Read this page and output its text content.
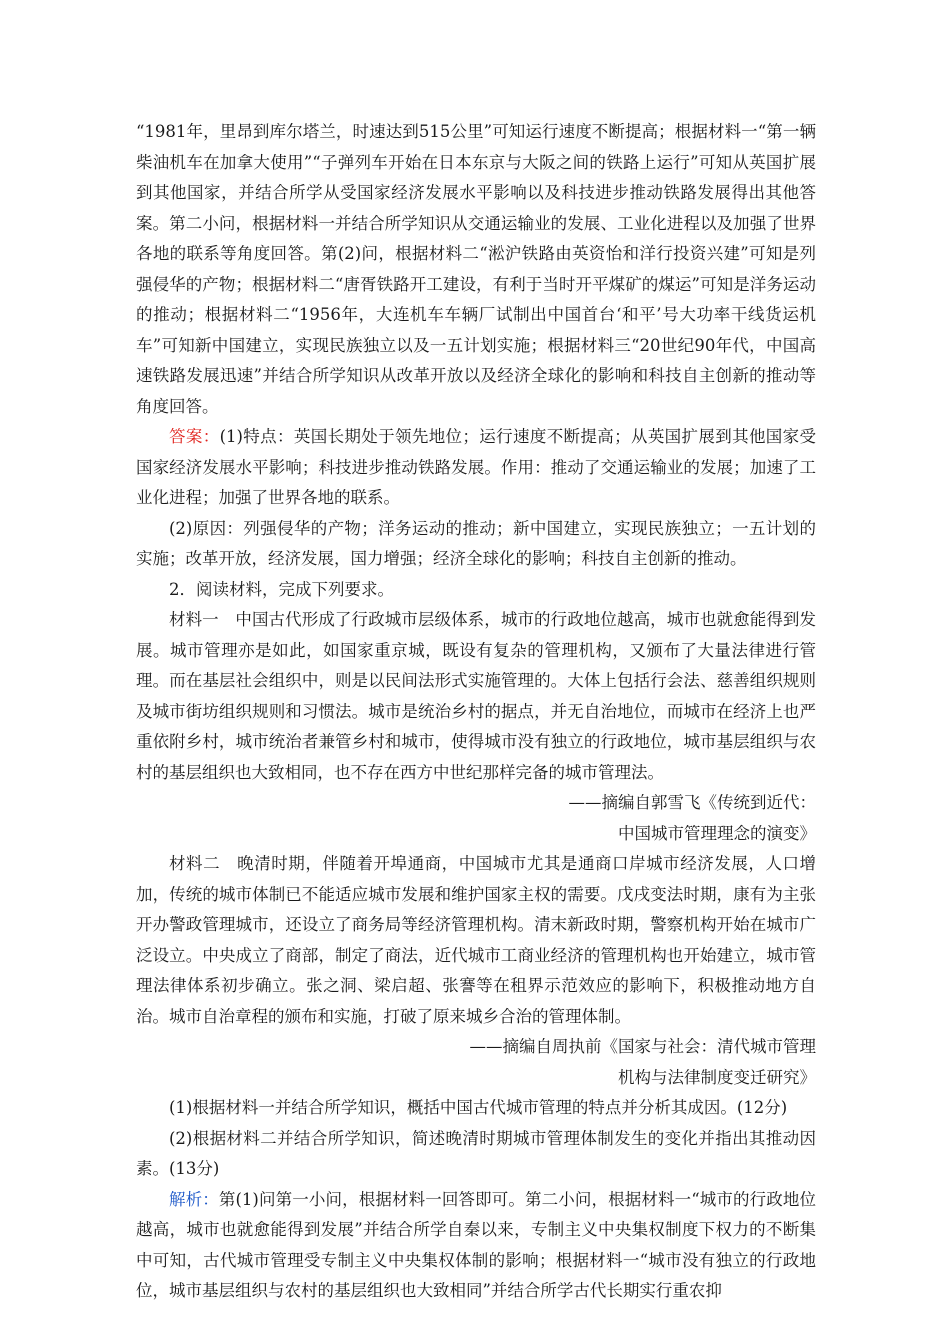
“1981年，里昂到库尔塔兰，时速达到515公里”可知运行速度不断提高；根据材料一“第一辆柴油机车在加拿大使用”“子弹列车开始在日本东京与大阪之间的铁路上运行”可知从英国扩展到其他国家，并结合所学从受国家经济发展水平影响以及科技进步推动铁路发展得出其他答案。第二小问，根据材料一并结合所学知识从交通运输业的发展、工业化进程以及加强了世界各地的联系等角度回答。第(2)问，根据材料二“淞沪铁路由英资怡和洋行投资兴建”可知是列强侵华的产物；根据材料二“唐胥铁路开工建设，有利于当时开平煤矿的煤运”可知是洋务运动的推动；根据材料二“1956年，大连机车车辆厂试制出中国首台‘和平’号大功率干线货运机车”可知新中国建立，实现民族独立以及一五计划实施；根据材料三“20世纪90年代，中国高速铁路发展迅速”并结合所学知识从改革开放以及经济全球化的影响和科技自主创新的推动等角度回答。

答案：(1)特点：英国长期处于领先地位；运行速度不断提高；从英国扩展到其他国家受国家经济发展水平影响；科技进步推动铁路发展。作用：推动了交通运输业的发展；加速了工业化进程；加强了世界各地的联系。

(2)原因：列强侵华的产物；洋务运动的推动；新中国建立，实现民族独立；一五计划的实施；改革开放，经济发展，国力增强；经济全球化的影响；科技自主创新的推动。

2．阅读材料，完成下列要求。

材料一　中国古代形成了行政城市层级体系，城市的行政地位越高，城市也就愈能得到发展。城市管理亦是如此，如国家重京城，既设有复杂的管理机构，又颁布了大量法律进行管理。而在基层社会组织中，则是以民间法形式实施管理的。大体上包括行会法、慈善组织规则及城市街坊组织规则和习惯法。城市是统治乡村的据点，并无自治地位，而城市在经济上也严重依附乡村，城市统治者兼管乡村和城市，使得城市没有独立的行政地位，城市基层组织与农村的基层组织也大致相同，也不存在西方中世纪那样完备的城市管理法。

——摘编自郭雪飞《传统到近代：

中国城市管理理念的演变》

材料二　晚清时期，伴随着开埠通商，中国城市尤其是通商口岸城市经济发展，人口增加，传统的城市体制已不能适应城市发展和维护国家主权的需要。戊戌变法时期，康有为主张开办警政管理城市，还设立了商务局等经济管理机构。清末新政时期，警察机构开始在城市广泛设立。中央成立了商部，制定了商法，近代城市工商业经济的管理机构也开始建立，城市管理法律体系初步确立。张之洞、梁启超、张謇等在租界示范效应的影响下，积极推动地方自治。城市自治章程的颁布和实施，打破了原来城乡合治的管理体制。

——摘编自周执前《国家与社会：清代城市管理

机构与法律制度变迁研究》

(1)根据材料一并结合所学知识，概括中国古代城市管理的特点并分析其成因。(12分)

(2)根据材料二并结合所学知识，简述晚清时期城市管理体制发生的变化并指出其推动因素。(13分)

解析：第(1)问第一小问，根据材料一回答即可。第二小问，根据材料一“城市的行政地位越高，城市也就愈能得到发展”并结合所学自秦以来，专制主义中央集权制度下权力的不断集中可知，古代城市管理受专制主义中央集权体制的影响；根据材料一“城市没有独立的行政地位，城市基层组织与农村的基层组织也大致相同”并结合所学古代长期实行重农抑
